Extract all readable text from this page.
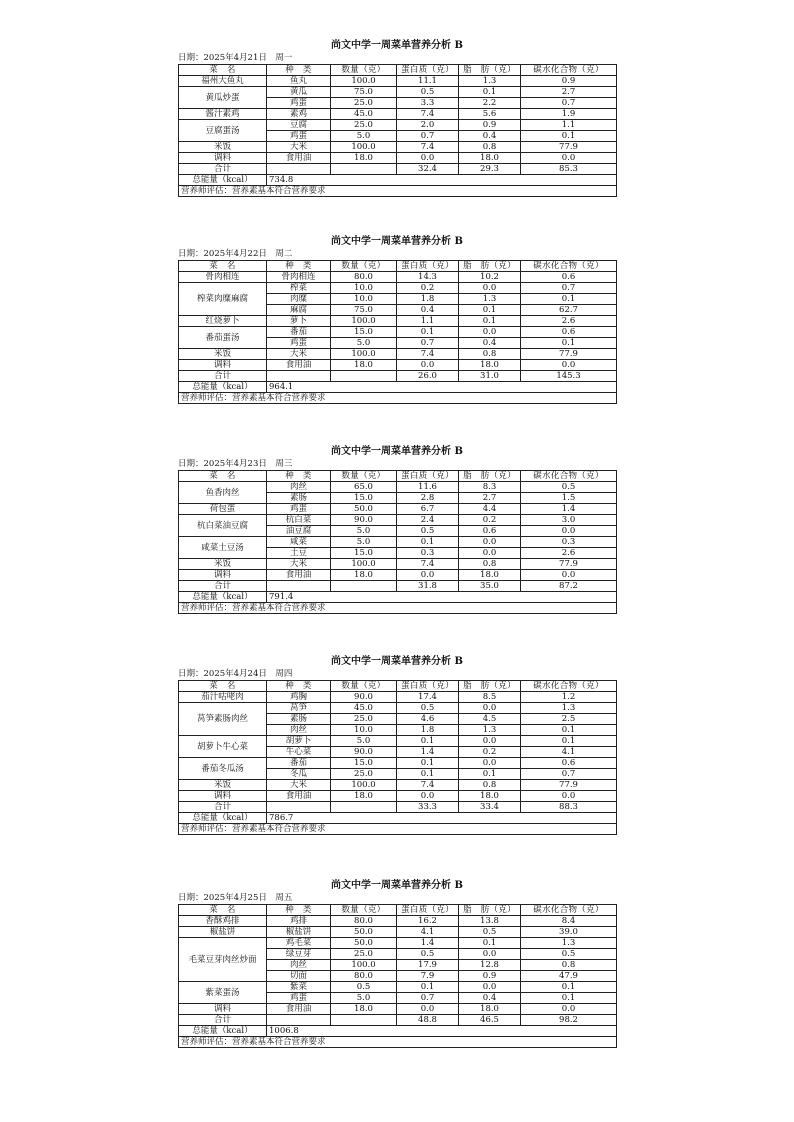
尚文中学一周菜单营养分析 B
日期：2025年4月21日　周一
菜　名	种　类	数量（克）	蛋白质（克）	脂　肪（克）	碳水化合物（克）
福州大鱼丸	鱼丸	100.0	11.1	1.3	0.9
黄瓜炒蛋	黄瓜	75.0	0.5	0.1	2.7
	鸡蛋	25.0	3.3	2.2	0.7
酱汁素鸡	素鸡	45.0	7.4	5.6	1.9
豆腐蛋汤	豆腐	25.0	2.0	0.9	1.1
	鸡蛋	5.0	0.7	0.4	0.1
米饭	大米	100.0	7.4	0.8	77.9
调料	食用油	18.0	0.0	18.0	0.0
合计			32.4	29.3	85.3
总能量（kcal）	734.8				
营养师评估：营养素基本符合营养要求					
尚文中学一周菜单营养分析 B
日期：2025年4月22日　周二
菜　名	种　类	数量（克）	蛋白质（克）	脂　肪（克）	碳水化合物（克）
骨肉相连	骨肉相连	80.0	14.3	10.2	0.6
榨菜肉糜麻腐	榨菜	10.0	0.2	0.0	0.7
	肉糜	10.0	1.8	1.3	0.1
	麻腐	75.0	0.4	0.1	62.7
红烧萝卜	萝卜	100.0	1.1	0.1	2.6
番茄蛋汤	番茄	15.0	0.1	0.0	0.6
	鸡蛋	5.0	0.7	0.4	0.1
米饭	大米	100.0	7.4	0.8	77.9
调料	食用油	18.0	0.0	18.0	0.0
合计			26.0	31.0	145.3
总能量（kcal）	964.1				
营养师评估：营养素基本符合营养要求					
尚文中学一周菜单营养分析 B
日期：2025年4月23日　周三
菜　名	种　类	数量（克）	蛋白质（克）	脂　肪（克）	碳水化合物（克）
鱼香肉丝	肉丝	65.0	11.6	8.3	0.5
	素肠	15.0	2.8	2.7	1.5
荷包蛋	鸡蛋	50.0	6.7	4.4	1.4
杭白菜油豆腐	杭白菜	90.0	2.4	0.2	3.0
	油豆腐	5.0	0.5	0.6	0.0
咸菜土豆汤	咸菜	5.0	0.1	0.0	0.3
	土豆	15.0	0.3	0.0	2.6
米饭	大米	100.0	7.4	0.8	77.9
调料	食用油	18.0	0.0	18.0	0.0
合计			31.8	35.0	87.2
总能量（kcal）	791.4				
营养师评估：营养素基本符合营养要求					
尚文中学一周菜单营养分析 B
日期：2025年4月24日　周四
菜　名	种　类	数量（克）	蛋白质（克）	脂　肪（克）	碳水化合物（克）
茄汁咕咾肉	鸡胸	90.0	17.4	8.5	1.2
莴笋素肠肉丝	莴笋	45.0	0.5	0.0	1.3
	素肠	25.0	4.6	4.5	2.5
	肉丝	10.0	1.8	1.3	0.1
胡萝卜牛心菜	胡萝卜	5.0	0.1	0.0	0.1
	牛心菜	90.0	1.4	0.2	4.1
番茄冬瓜汤	番茄	15.0	0.1	0.0	0.6
	冬瓜	25.0	0.1	0.1	0.7
米饭	大米	100.0	7.4	0.8	77.9
调料	食用油	18.0	0.0	18.0	0.0
合计			33.3	33.4	88.3
总能量（kcal）	786.7				
营养师评估：营养素基本符合营养要求					
尚文中学一周菜单营养分析 B
日期：2025年4月25日　周五
菜　名	种　类	数量（克）	蛋白质（克）	脂　肪（克）	碳水化合物（克）
香酥鸡排	鸡排	80.0	16.2	13.8	8.4
椒盐饼	椒盐饼	50.0	4.1	0.5	39.0
毛菜豆芽肉丝炒面	鸡毛菜	50.0	1.4	0.1	1.3
	绿豆芽	25.0	0.5	0.0	0.5
	肉丝	100.0	17.9	12.8	0.8
	切面	80.0	7.9	0.9	47.9
紫菜蛋汤	紫菜	0.5	0.1	0.0	0.1
	鸡蛋	5.0	0.7	0.4	0.1
调料	食用油	18.0	0.0	18.0	0.0
合计			48.8	46.5	98.2
总能量（kcal）	1006.8				
营养师评估：营养素基本符合营养要求					
